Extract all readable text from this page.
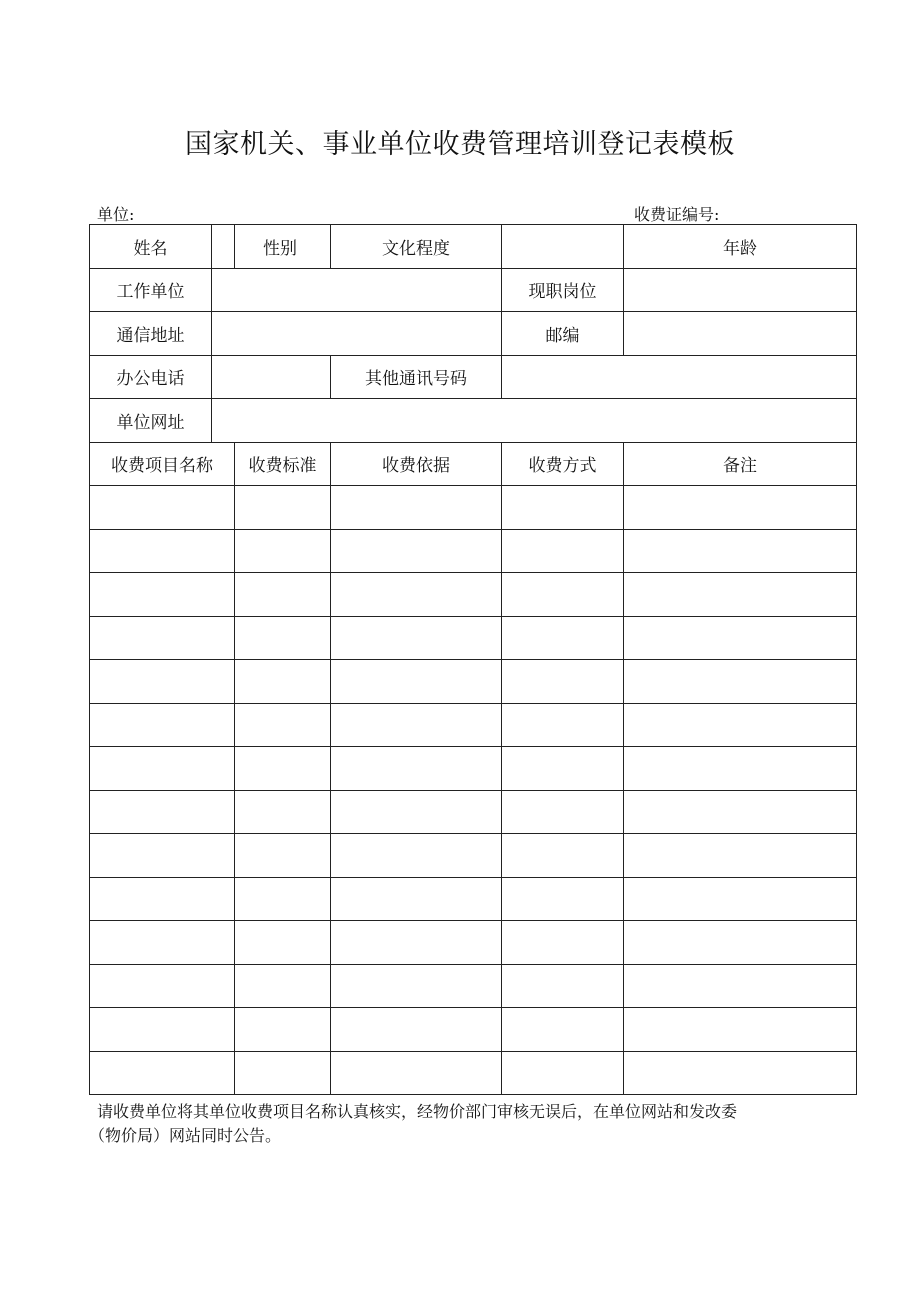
国家机关、事业单位收费管理培训登记表模板
单位:	收费证编号:
姓名		性别	文化程度		年龄
工作单位				现职岗位	
通信地址				邮编	
办公电话			其他通讯号码		
单位网址					
收费项目名称		收费标准	收费依据	收费方式	备注

请收费单位将其单位收费项目名称认真核实，经物价部门审核无误后，在单位网站和发改委
（物价局）网站同时公告。
